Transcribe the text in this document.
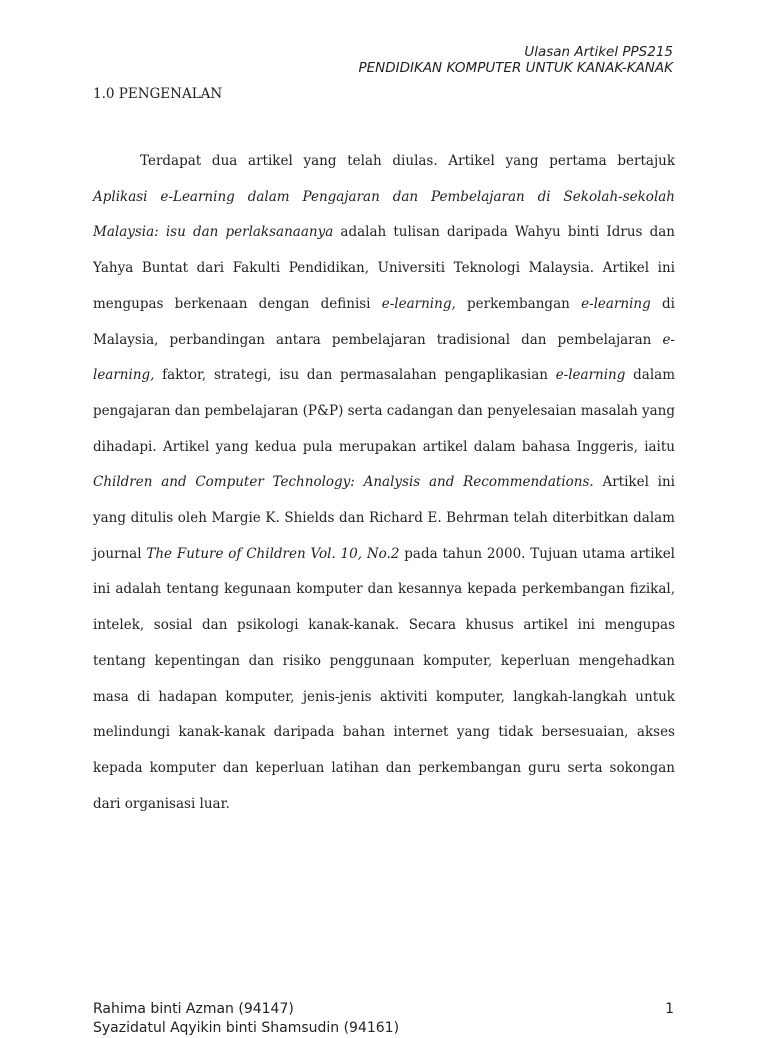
Ulasan Artikel PPS215
PENDIDIKAN KOMPUTER UNTUK KANAK-KANAK
1.0 PENGENALAN

Terdapat dua artikel yang telah diulas. Artikel yang pertama bertajuk Aplikasi e-Learning dalam Pengajaran dan Pembelajaran di Sekolah-sekolah Malaysia: isu dan perlaksanaanya adalah tulisan daripada Wahyu binti Idrus dan Yahya Buntat dari Fakulti Pendidikan, Universiti Teknologi Malaysia. Artikel ini mengupas berkenaan dengan definisi e-learning, perkembangan e-learning di Malaysia, perbandingan antara pembelajaran tradisional dan pembelajaran e-learning, faktor, strategi, isu dan permasalahan pengaplikasian e-learning dalam pengajaran dan pembelajaran (P&P) serta cadangan dan penyelesaian masalah yang dihadapi. Artikel yang kedua pula merupakan artikel dalam bahasa Inggeris, iaitu Children and Computer Technology: Analysis and Recommendations. Artikel ini yang ditulis oleh Margie K. Shields dan Richard E. Behrman telah diterbitkan dalam journal The Future of Children Vol. 10, No.2 pada tahun 2000. Tujuan utama artikel ini adalah tentang kegunaan komputer dan kesannya kepada perkembangan fizikal, intelek, sosial dan psikologi kanak-kanak. Secara khusus artikel ini mengupas tentang kepentingan dan risiko penggunaan komputer, keperluan mengehadkan masa di hadapan komputer, jenis-jenis aktiviti komputer, langkah-langkah untuk melindungi kanak-kanak daripada bahan internet yang tidak bersesuaian, akses kepada komputer dan keperluan latihan dan perkembangan guru serta sokongan dari organisasi luar.

Rahima binti Azman (94147)
Syazidatul Aqyikin binti Shamsudin (94161)
1
